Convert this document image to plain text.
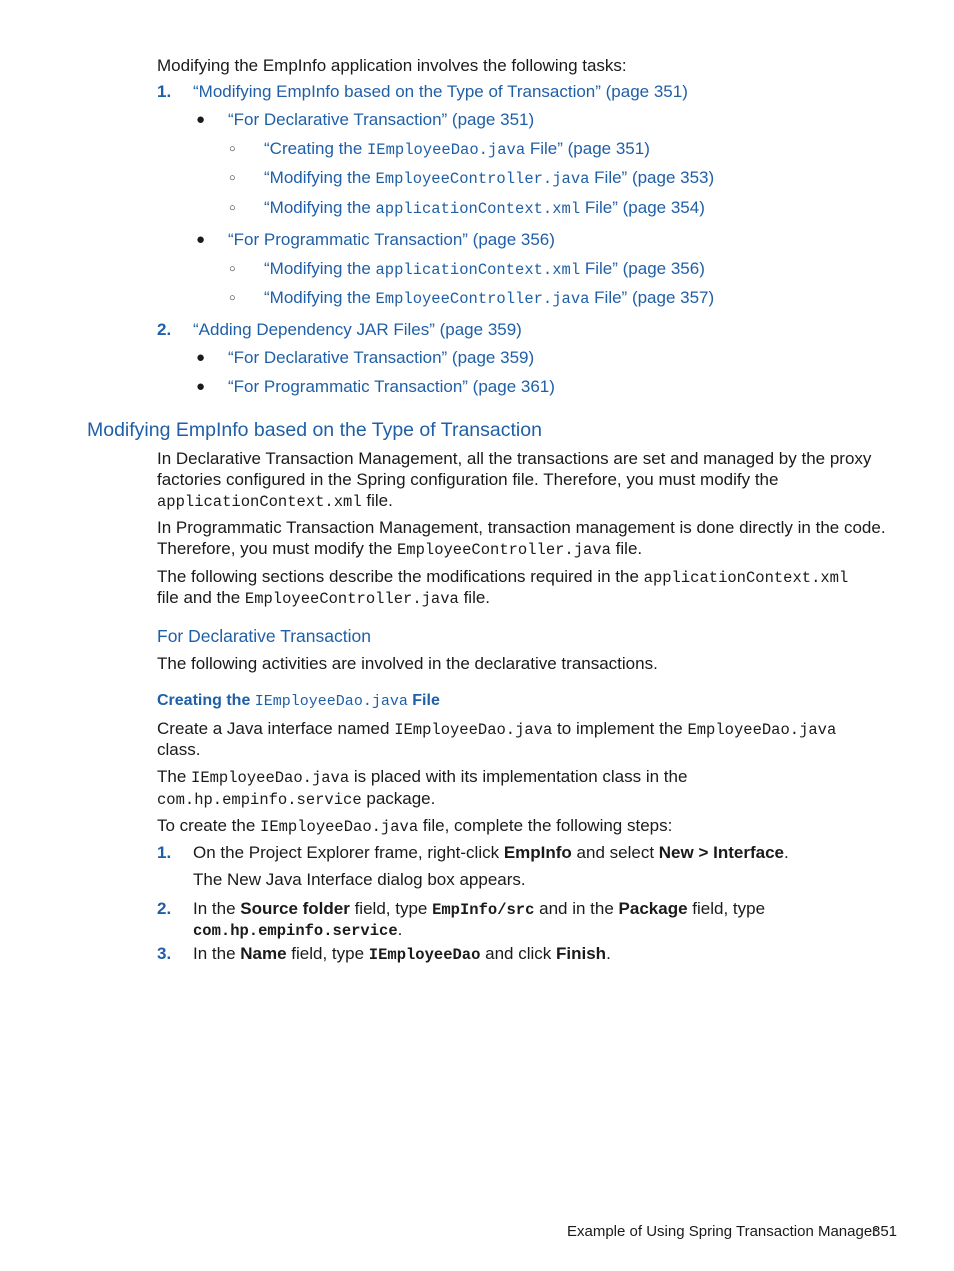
Modifying the EmpInfo application involves the following tasks:
1. “Modifying EmpInfo based on the Type of Transaction” (page 351)
● “For Declarative Transaction” (page 351)
○ “Creating the IEmployeeDao.java File” (page 351)
○ “Modifying the EmployeeController.java File” (page 353)
○ “Modifying the applicationContext.xml File” (page 354)
● “For Programmatic Transaction” (page 356)
○ “Modifying the applicationContext.xml File” (page 356)
○ “Modifying the EmployeeController.java File” (page 357)
2. “Adding Dependency JAR Files” (page 359)
● “For Declarative Transaction” (page 359)
● “For Programmatic Transaction” (page 361)
Modifying EmpInfo based on the Type of Transaction
In Declarative Transaction Management, all the transactions are set and managed by the proxy
factories configured in the Spring configuration file. Therefore, you must modify the
applicationContext.xml file.
In Programmatic Transaction Management, transaction management is done directly in the code.
Therefore, you must modify the EmployeeController.java file.
The following sections describe the modifications required in the applicationContext.xml
file and the EmployeeController.java file.
For Declarative Transaction
The following activities are involved in the declarative transactions.
Creating the IEmployeeDao.java File
Create a Java interface named IEmployeeDao.java to implement the EmployeeDao.java
class.
The IEmployeeDao.java is placed with its implementation class in the
com.hp.empinfo.service package.
To create the IEmployeeDao.java file, complete the following steps:
1. On the Project Explorer frame, right-click EmpInfo and select New > Interface.
The New Java Interface dialog box appears.
2. In the Source folder field, type EmpInfo/src and in the Package field, type
com.hp.empinfo.service.
3. In the Name field, type IEmployeeDao and click Finish.
Example of Using Spring Transaction Manager
351
